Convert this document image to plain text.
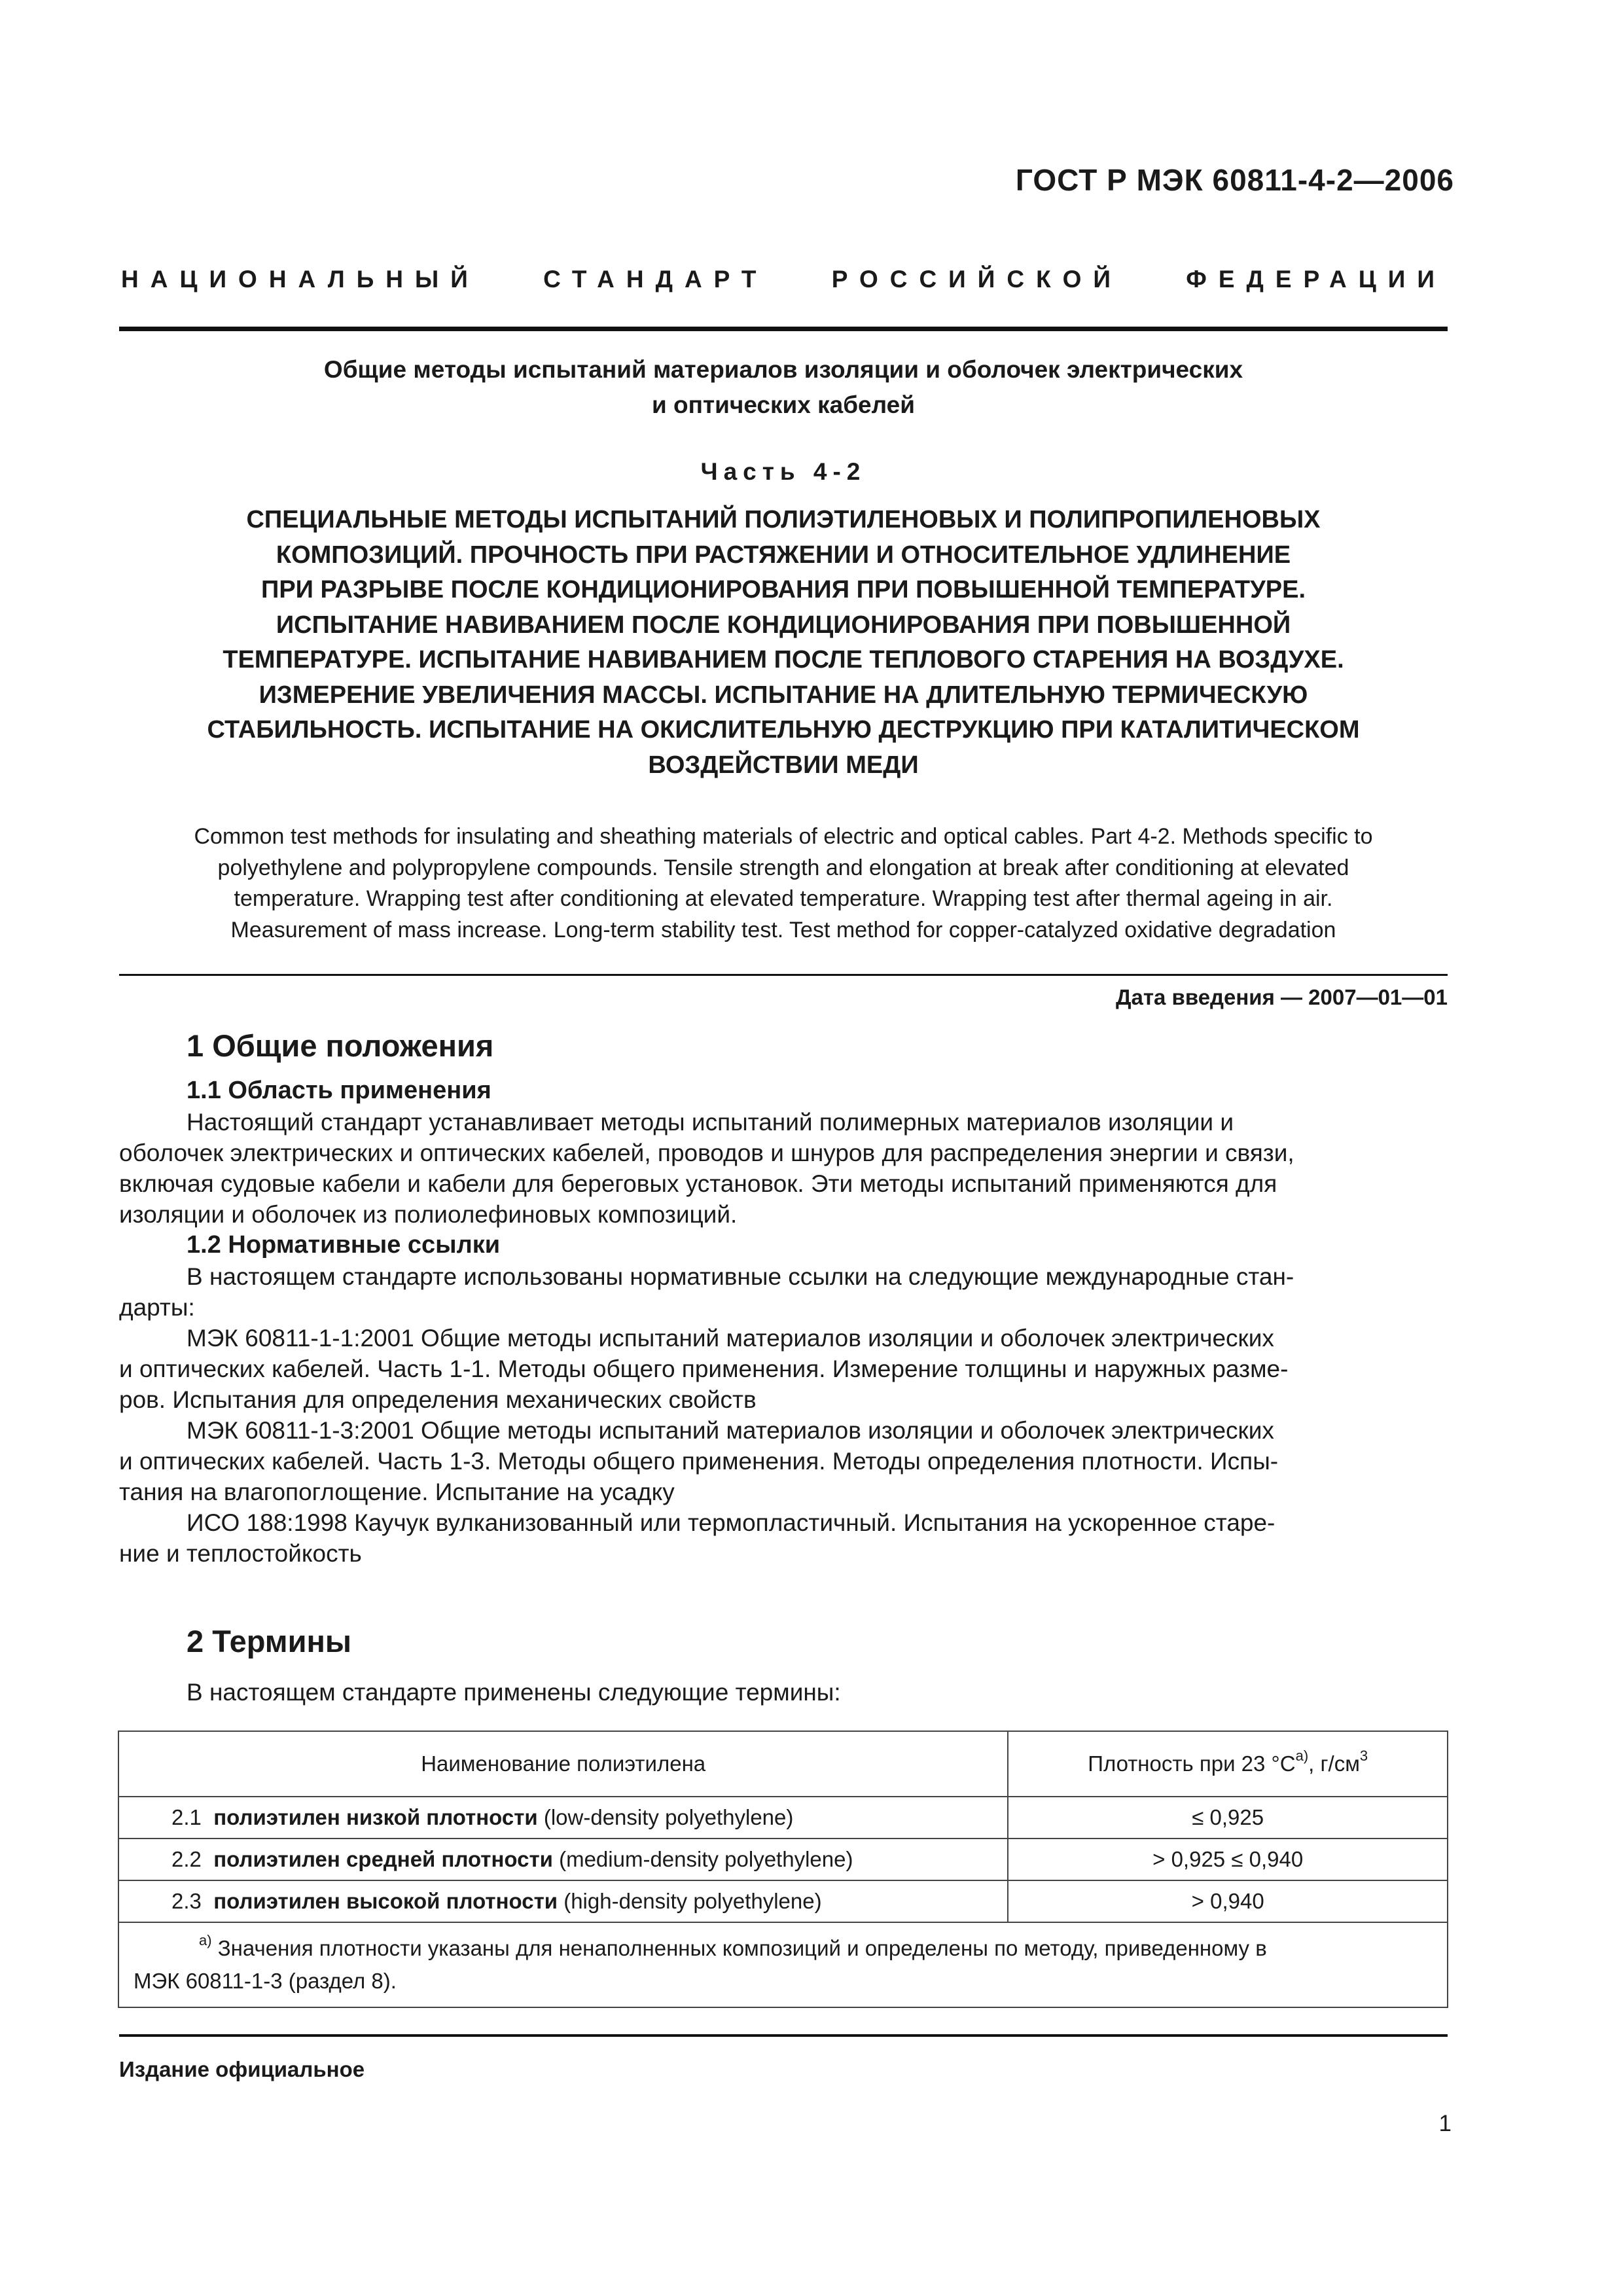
ГОСТ Р МЭК 60811-4-2—2006
НАЦИОНАЛЬНЫЙ	СТАНДАРТ	РОССИЙСКОЙ	ФЕДЕРАЦИИ
Общие методы испытаний материалов изоляции и оболочек электрических
и оптических кабелей
Часть 4-2
СПЕЦИАЛЬНЫЕ МЕТОДЫ ИСПЫТАНИЙ ПОЛИЭТИЛЕНОВЫХ И ПОЛИПРОПИЛЕНОВЫХ
КОМПОЗИЦИЙ. ПРОЧНОСТЬ ПРИ РАСТЯЖЕНИИ И ОТНОСИТЕЛЬНОЕ УДЛИНЕНИЕ
ПРИ РАЗРЫВЕ ПОСЛЕ КОНДИЦИОНИРОВАНИЯ ПРИ ПОВЫШЕННОЙ ТЕМПЕРАТУРЕ.
ИСПЫТАНИЕ НАВИВАНИЕМ ПОСЛЕ КОНДИЦИОНИРОВАНИЯ ПРИ ПОВЫШЕННОЙ
ТЕМПЕРАТУРЕ. ИСПЫТАНИЕ НАВИВАНИЕМ ПОСЛЕ ТЕПЛОВОГО СТАРЕНИЯ НА ВОЗДУХЕ.
ИЗМЕРЕНИЕ УВЕЛИЧЕНИЯ МАССЫ. ИСПЫТАНИЕ НА ДЛИТЕЛЬНУЮ ТЕРМИЧЕСКУЮ
СТАБИЛЬНОСТЬ. ИСПЫТАНИЕ НА ОКИСЛИТЕЛЬНУЮ ДЕСТРУКЦИЮ ПРИ КАТАЛИТИЧЕСКОМ
ВОЗДЕЙСТВИИ МЕДИ
Common test methods for insulating and sheathing materials of electric and optical cables. Part 4-2. Methods specific to
polyethylene and polypropylene compounds. Tensile strength and elongation at break after conditioning at elevated
temperature. Wrapping test after conditioning at elevated temperature. Wrapping test after thermal ageing in air.
Measurement of mass increase. Long-term stability test. Test method for copper-catalyzed oxidative degradation
Дата введения — 2007—01—01
1 Общие положения
1.1 Область применения

Настоящий стандарт устанавливает методы испытаний полимерных материалов изоляции и

оболочек электрических и оптических кабелей, проводов и шнуров для распределения энергии и связи,

включая судовые кабели и кабели для береговых установок. Эти методы испытаний применяются для

изоляции и оболочек из полиолефиновых композиций.

1.2 Нормативные ссылки

В настоящем стандарте использованы нормативные ссылки на следующие международные стан-

дарты:

МЭК 60811-1-1:2001 Общие методы испытаний материалов изоляции и оболочек электрических

и оптических кабелей. Часть 1-1. Методы общего применения. Измерение толщины и наружных разме-

ров. Испытания для определения механических свойств

МЭК 60811-1-3:2001 Общие методы испытаний материалов изоляции и оболочек электрических

и оптических кабелей. Часть 1-3. Методы общего применения. Методы определения плотности. Испы-

тания на влагопоглощение. Испытание на усадку

ИСО 188:1998 Каучук вулканизованный или термопластичный. Испытания на ускоренное старе-

ние и теплостойкость

2 Термины

В настоящем стандарте применены следующие термины:

Наименование полиэтилена	Плотность при 23 $^\circ С^{а)}$, $г/см^3$
2.1 полиэтилен низкой плотности (low-density polyethylene)	≤ 0,925
2.2 полиэтилен средней плотности (medium-density polyethylene)	> 0,925 ≤ 0,940
2.3 полиэтилен высокой плотности (high-density polyethylene)	> 0,940

$^{а)}$ Значения плотности указаны для ненаполненных композиций и определены по методу, приведенному в
МЭК 60811-1-3 (раздел 8).	
Издание официальное
1
